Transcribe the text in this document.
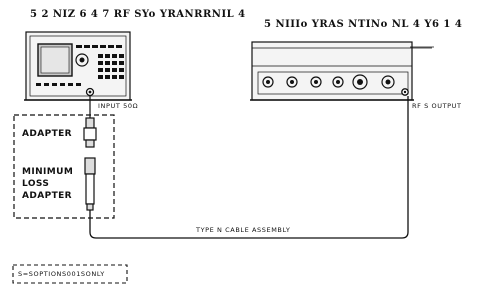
5 2 ΝΙΖ 6 4 7 RF SYo ΥRAΝRRΝΙL 4
INPUT 50Ω
5 ΝΙΙΙo ΥRAS ΝΤΙΝo ΝL 4 Υ6 1 4
RF S OUTPUT
ADAPTER
MINIMUM
LOSS
ADAPTER
TYPE N CABLE ASSEMBLY
S=SOPTIONS001SONLY
